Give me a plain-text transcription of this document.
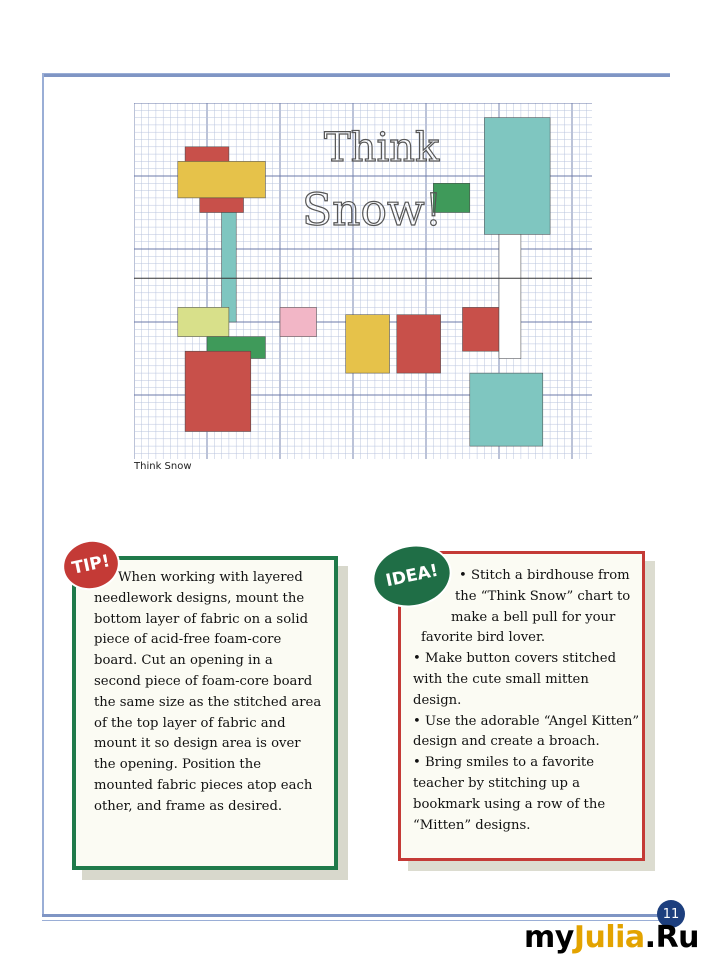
Think
Snow!
Think Snow
When working with layered
needlework designs, mount the
bottom layer of fabric on a solid
piece of acid-free foam-core
board. Cut an opening in a
second piece of foam-core board
the same size as the stitched area
of the top layer of fabric and
mount it so design area is over
the opening. Position the
mounted fabric pieces atop each
other, and frame as desired.
TIP!	• Stitch a birdhouse from
the “Think Snow” chart to
make a bell pull for your
favorite bird lover.
• Make button covers stitched
with the cute small mitten
design.
• Use the adorable “Angel Kitten”
design and create a broach.
• Bring smiles to a favorite
teacher by stitching up a
bookmark using a row of the
“Mitten” designs.
IDEA!
11
myJulia.Ru
